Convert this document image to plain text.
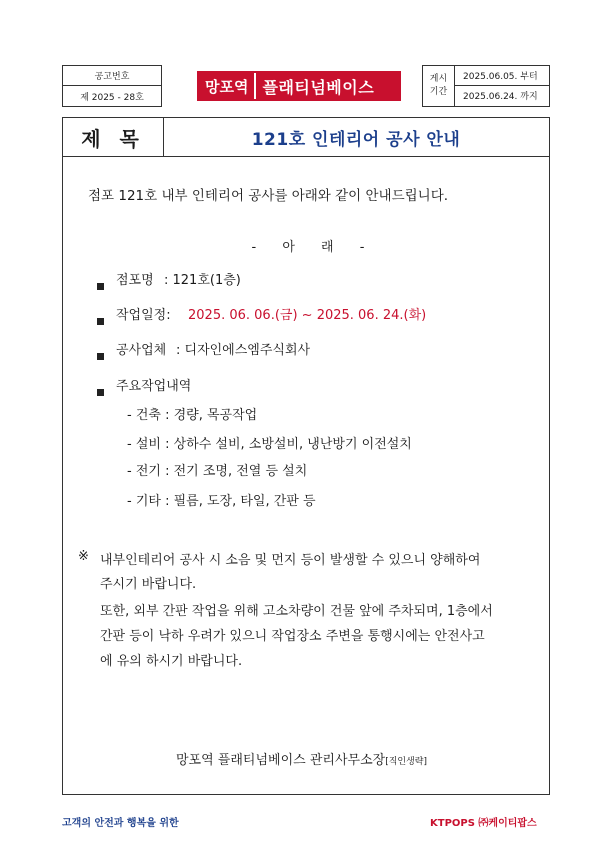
공고번호
제 2025 - 28호
망포역 플래티넘베이스	게시기간
2025.06.05. 부터
2025.06.24. 까지
제 목	121호 인테리어 공사 안내
점포 121호 내부 인테리어 공사를 아래와 같이 안내드립니다.
- 아 래 -
점포명 : 121호(1층)
작업일정: 2025. 06. 06.(금) ~ 2025. 06. 24.(화)
공사업체 : 디자인에스엠주식회사
주요작업내역
- 건축 : 경량, 목공작업
- 설비 : 상하수 설비, 소방설비, 냉난방기 이전설치
- 전기 : 전기 조명, 전열 등 설치
- 기타 : 필름, 도장, 타일, 간판 등
※ 내부인테리어 공사 시 소음 및 먼지 등이 발생할 수 있으니 양해하여
주시기 바랍니다.
또한, 외부 간판 작업을 위해 고소차량이 건물 앞에 주차되며, 1층에서
간판 등이 낙하 우려가 있으니 작업장소 주변을 통행시에는 안전사고
에 유의 하시기 바랍니다.
망포역 플래티넘베이스 관리사무소장[직인생략]
고객의 안전과 행복을 위한	KTPOPS ㈜케이티팝스
